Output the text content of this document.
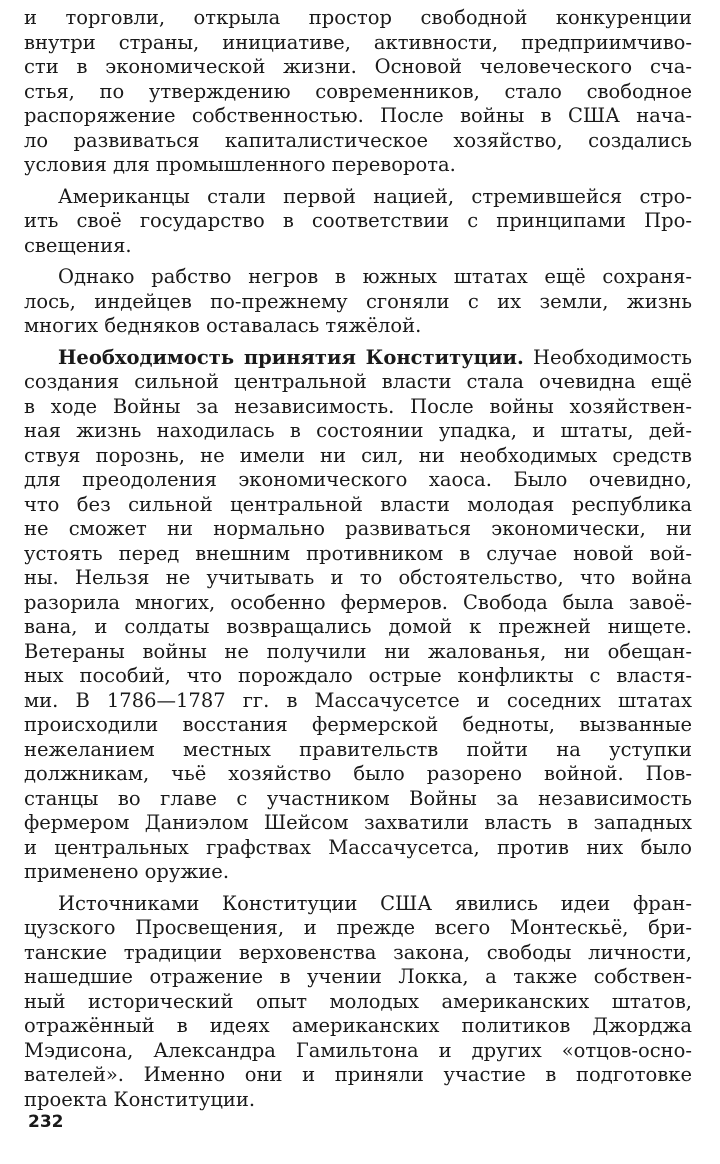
и торговли, открыла простор свободной конкуренции
внутри страны, инициативе, активности, предприимчиво-
сти в экономической жизни. Основой человеческого сча-
стья, по утверждению современников, стало свободное
распоряжение собственностью. После войны в США нача-
ло развиваться капиталистическое хозяйство, создались
условия для промышленного переворота.
Американцы стали первой нацией, стремившейся стро-
ить своё государство в соответствии с принципами Про-
свещения.
Однако рабство негров в южных штатах ещё сохраня-
лось, индейцев по-прежнему сгоняли с их земли, жизнь
многих бедняков оставалась тяжёлой.
Необходимость принятия Конституции. Необходимость
создания сильной центральной власти стала очевидна ещё
в ходе Войны за независимость. После войны хозяйствен-
ная жизнь находилась в состоянии упадка, и штаты, дей-
ствуя порознь, не имели ни сил, ни необходимых средств
для преодоления экономического хаоса. Было очевидно,
что без сильной центральной власти молодая республика
не сможет ни нормально развиваться экономически, ни
устоять перед внешним противником в случае новой вой-
ны. Нельзя не учитывать и то обстоятельство, что война
разорила многих, особенно фермеров. Свобода была завоё-
вана, и солдаты возвращались домой к прежней нищете.
Ветераны войны не получили ни жалованья, ни обещан-
ных пособий, что порождало острые конфликты с властя-
ми. В 1786—1787 гг. в Массачусетсе и соседних штатах
происходили восстания фермерской бедноты, вызванные
нежеланием местных правительств пойти на уступки
должникам, чьё хозяйство было разорено войной. Пов-
станцы во главе с участником Войны за независимость
фермером Даниэлом Шейсом захватили власть в западных
и центральных графствах Массачусетса, против них было
применено оружие.
Источниками Конституции США явились идеи фран-
цузского Просвещения, и прежде всего Монтескьё, бри-
танские традиции верховенства закона, свободы личности,
нашедшие отражение в учении Локка, а также собствен-
ный исторический опыт молодых американских штатов,
отражённый в идеях американских политиков Джорджа
Мэдисона, Александра Гамильтона и других «отцов-осно-
вателей». Именно они и приняли участие в подготовке
проекта Конституции.
232
